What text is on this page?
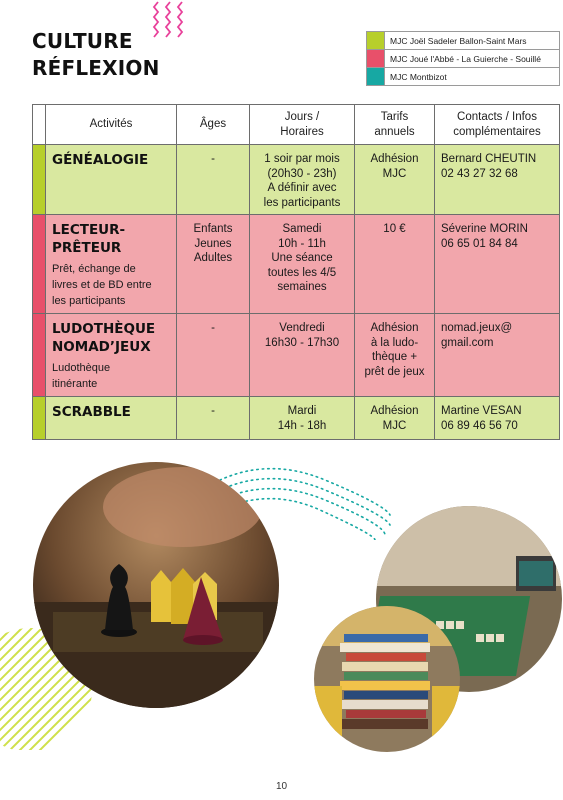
CULTURE
RÉFLEXION
MJC Joël Sadeler Ballon-Saint Mars
MJC Joué l'Abbé - La Guierche - Souillé
MJC Montbizot
	Activités	Âges	Jours /
Horaires	Tarifs
annuels	Contacts / Infos
complémentaires

	GÉNÉALOGIE	-	1 soir par mois
(20h30 - 23h)
A définir avec
les participants	Adhésion
MJC	Bernard CHEUTIN
02 43 27 32 68

	LECTEUR-
PRÊTEUR
Prêt, échange de
livres et de BD entre
les participants	Enfants
Jeunes
Adultes	Samedi
10h - 11h
Une séance
toutes les 4/5
semaines	10 €	Séverine MORIN
06 65 01 84 84

	LUDOTHÈQUE
NOMAD’JEUX
Ludothèque
itinérante	-	Vendredi
16h30 - 17h30	Adhésion
à la ludo-
thèque +
prêt de jeux	nomad.jeux@
gmail.com

	SCRABBLE	-	Mardi
14h - 18h	Adhésion
MJC	Martine VESAN
06 89 46 56 70
10
